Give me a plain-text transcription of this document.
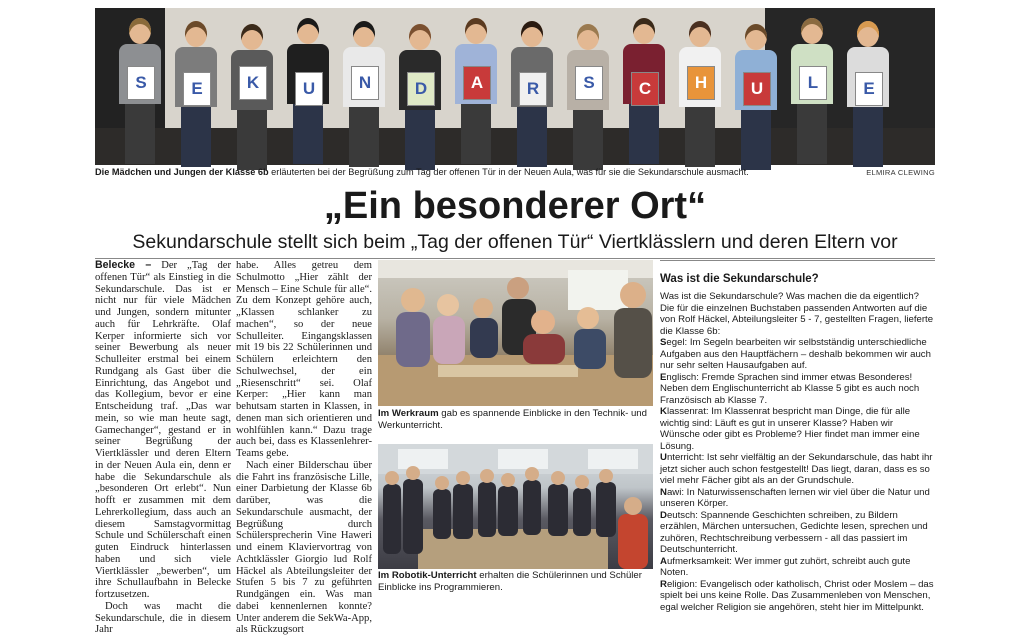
S	E	K	U	N	D	A	R	S	C	H	U	L	E
Die Mädchen und Jungen der Klasse 6b erläuterten bei der Begrüßung zum Tag der offenen Tür in der Neuen Aula, was für sie die Sekundarschule ausmacht.	ELMIRA CLEWING
„Ein besonderer Ort“
Sekundarschule stellt sich beim „Tag der offenen Tür“ Viertklässlern und deren Eltern vor

Belecke – Der „Tag der offenen Tür“ als Einstieg in die Sekundarschule. Das ist er nicht nur für viele Mädchen und Jungen, sondern mitunter auch für Lehrkräfte. Olaf Kerper informierte sich vor seiner Bewerbung als neuer Schulleiter erstmal bei einem Rundgang als Gast über die Einrichtung, das Angebot und das Kollegium, bevor er eine Entscheidung traf. „Das war mein, so wie man heute sagt, Gamechanger“, gestand er in seiner Begrüßung der Viertklässler und deren Eltern in der Neuen Aula ein, denn er habe die Sekundarschule als „besonderen Ort erlebt“. Nun hofft er zusammen mit dem Lehrerkollegium, dass auch an diesem Samstagvormittag Schule und Schülerschaft einen guten Eindruck hinterlassen haben und sich viele Viertklässler „bewerben“, um ihre Schullaufbahn in Belecke fortzusetzen.

Doch was macht die Sekundarschule, die in diesem Jahr

habe. Alles getreu dem Schulmotto „Hier zählt der Mensch – Eine Schule für alle“. Zu dem Konzept gehöre auch, „Klassen schlanker zu machen“, so der neue Schulleiter. Eingangsklassen mit 19 bis 22 Schülerinnen und Schülern erleichtern den Schulwechsel, der ein „Riesenschritt“ sei. Olaf Kerper: „Hier kann man behutsam starten in Klassen, in denen man sich orientieren und wohlfühlen kann.“ Dazu trage auch bei, dass es Klassenlehrer-Teams gebe.

Nach einer Bilderschau über die Fahrt ins französische Lille, einer Darbietung der Klasse 6b darüber, was die Sekundarschule ausmacht, der Begrüßung durch Schülersprecherin Vine Haweri und einem Klaviervortrag von Achtklässler Giorgio lud Rolf Häckel als Abteilungsleiter der Stufen 5 bis 7 zu geführten Rundgängen ein. Was man dabei kennenlernen konnte? Unter anderem die SekWa-App, als Rückzugsort

Im Werkraum gab es spannende Einblicke in den Technik- und Werkunterricht.
Im Robotik-Unterricht erhalten die Schülerinnen und Schüler Einblicke ins Programmieren.
Was ist die Sekundarschule?

Was ist die Sekundarschule? Was machen die da eigentlich? Die für die einzelnen Buchstaben passenden Antworten auf die von Rolf Häckel, Abteilungsleiter 5 - 7, gestellten Fragen, lieferte die Klasse 6b:

Segel: Im Segeln bearbeiten wir selbstständig unterschiedliche Aufgaben aus den Hauptfächern – deshalb bekommen wir auch nur sehr selten Hausaufgaben auf.

Englisch: Fremde Sprachen sind immer etwas Besonderes! Neben dem Englischunterricht ab Klasse 5 gibt es auch noch Französisch ab Klasse 7.

Klassenrat: Im Klassenrat bespricht man Dinge, die für alle wichtig sind: Läuft es gut in unserer Klasse? Haben wir Wünsche oder gibt es Probleme? Hier findet man immer eine Lösung.

Unterricht: Ist sehr vielfältig an der Sekundarschule, das habt ihr jetzt sicher auch schon festgestellt! Das liegt, daran, dass es so viel mehr Fächer gibt als an der Grundschule.

Nawi: In Naturwissenschaften lernen wir viel über die Natur und unseren Körper.

Deutsch: Spannende Geschichten schreiben, zu Bildern erzählen, Märchen untersuchen, Gedichte lesen, sprechen und zuhören, Rechtschreibung verbessern - all das passiert im Deutschunterricht.

Aufmerksamkeit: Wer immer gut zuhört, schreibt auch gute Noten.

Religion: Evangelisch oder katholisch, Christ oder Moslem – das spielt bei uns keine Rolle. Das Zusammenleben von Menschen, egal welcher Religion sie angehören, steht hier im Mittelpunkt.
